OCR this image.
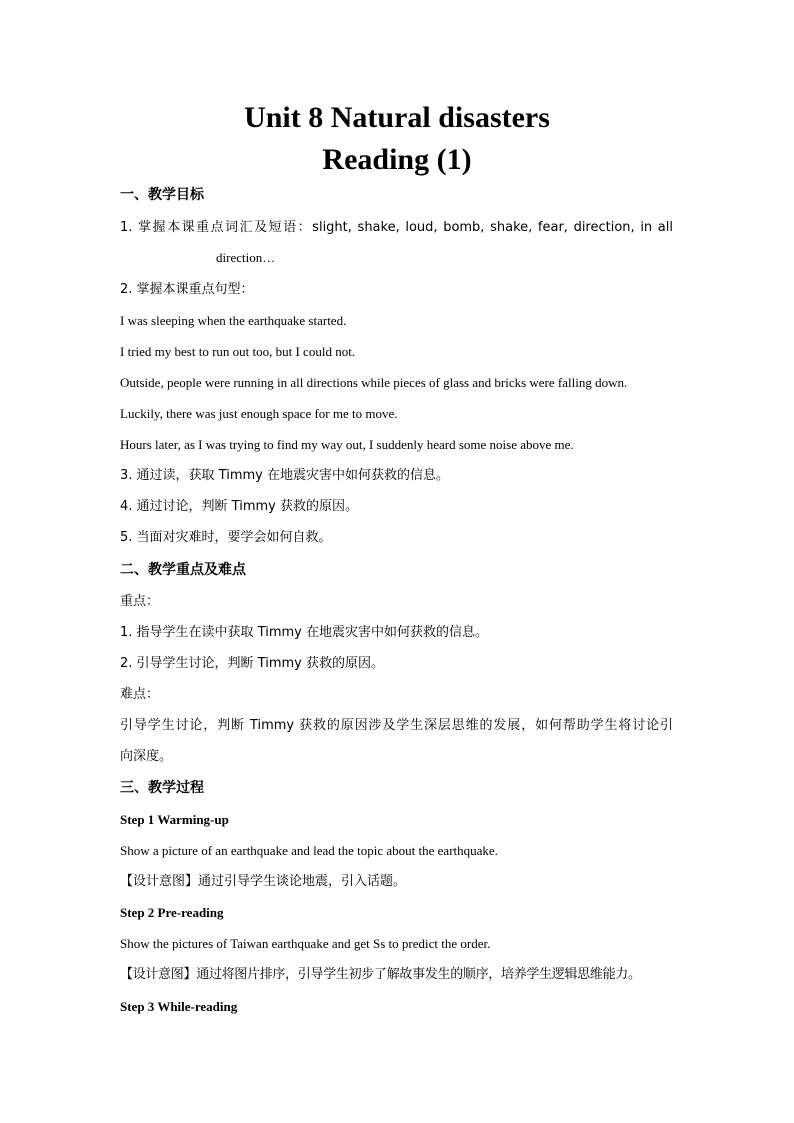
Unit 8 Natural disasters
Reading (1)
一、教学目标
1. 掌握本课重点词汇及短语：slight, shake, loud, bomb, shake, fear, direction, in all
direction…
2. 掌握本课重点句型：
I was sleeping when the earthquake started.
I tried my best to run out too, but I could not.
Outside, people were running in all directions while pieces of glass and bricks were falling down.
Luckily, there was just enough space for me to move.
Hours later, as I was trying to find my way out, I suddenly heard some noise above me.
3. 通过读，获取 Timmy 在地震灾害中如何获救的信息。
4. 通过讨论，判断 Timmy 获救的原因。
5. 当面对灾难时，要学会如何自救。
二、教学重点及难点
重点：
1. 指导学生在读中获取 Timmy 在地震灾害中如何获救的信息。
2. 引导学生讨论，判断 Timmy 获救的原因。
难点：
引导学生讨论，判断 Timmy 获救的原因涉及学生深层思维的发展，如何帮助学生将讨论引
向深度。
三、教学过程
Step 1 Warming-up
Show a picture of an earthquake and lead the topic about the earthquake.
【设计意图】通过引导学生谈论地震，引入话题。
Step 2 Pre-reading
Show the pictures of Taiwan earthquake and get Ss to predict the order.
【设计意图】通过将图片排序，引导学生初步了解故事发生的顺序，培养学生逻辑思维能力。
Step 3 While-reading
